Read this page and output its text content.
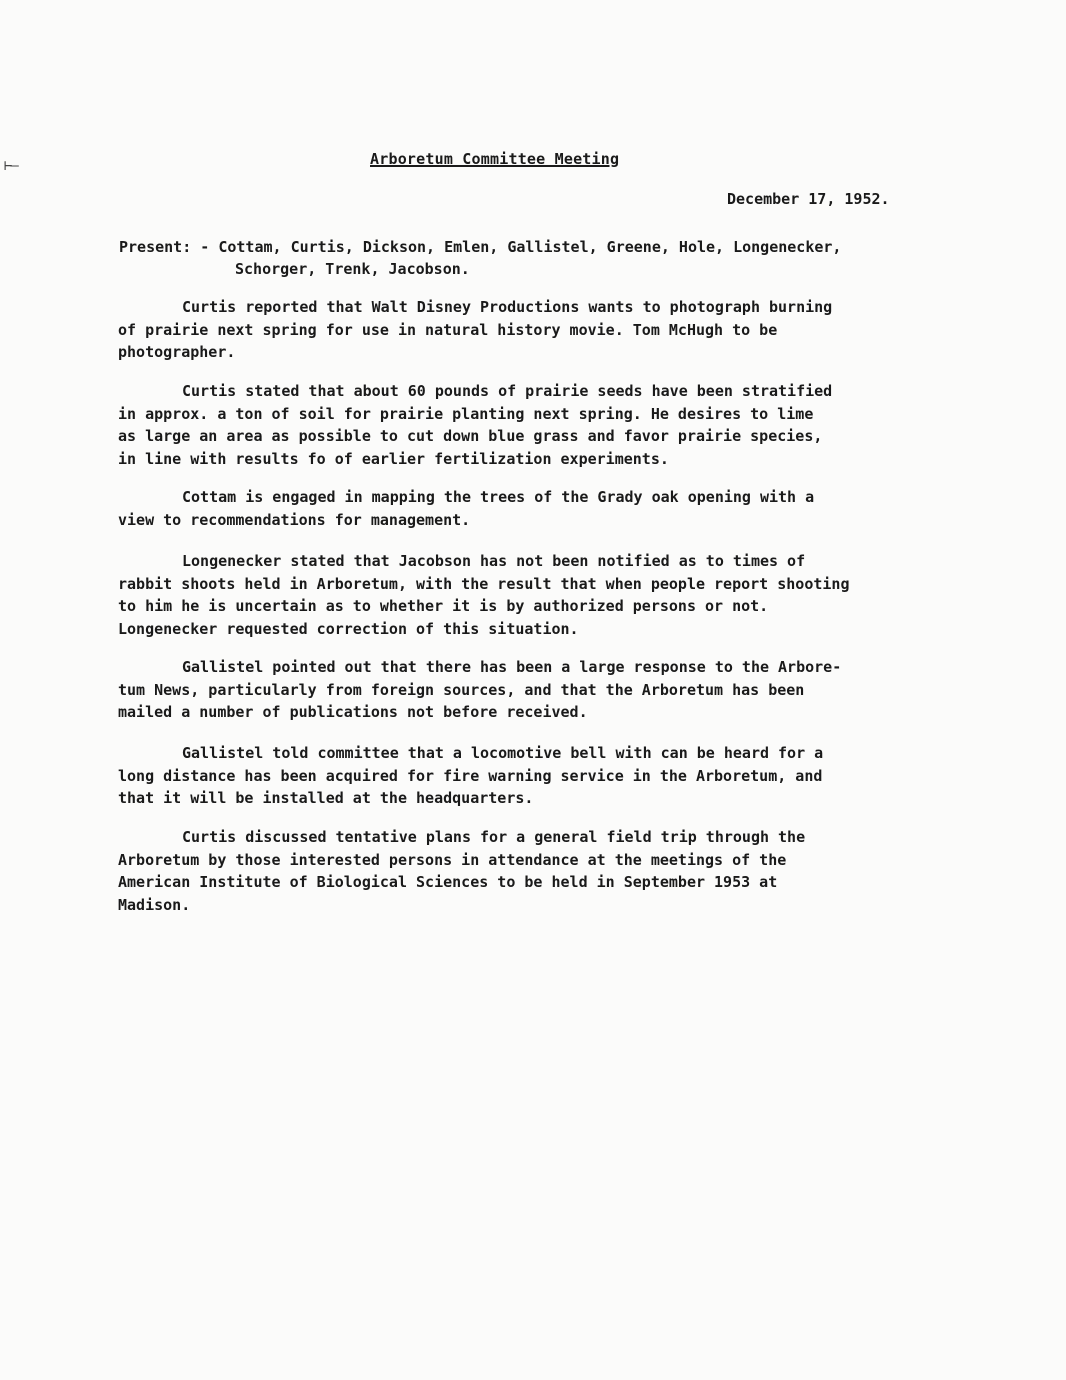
⊢–	Arboretum Committee Meeting
December 17, 1952.
Present: - Cottam, Curtis, Dickson, Emlen, Gallistel, Greene, Hole, Longenecker,
Schorger, Trenk, Jacobson.
Curtis reported that Walt Disney Productions wants to photograph burning
of prairie next spring for use in natural history movie. Tom McHugh to be
photographer.
Curtis stated that about 60 pounds of prairie seeds have been stratified
in approx. a ton of soil for prairie planting next spring. He desires to lime
as large an area as possible to cut down blue grass and favor prairie species,
in line with results fo of earlier fertilization experiments.
Cottam is engaged in mapping the trees of the Grady oak opening with a
view to recommendations for management.
Longenecker stated that Jacobson has not been notified as to times of
rabbit shoots held in Arboretum, with the result that when people report shooting
to him he is uncertain as to whether it is by authorized persons or not.
Longenecker requested correction of this situation.
Gallistel pointed out that there has been a large response to the Arbore-
tum News, particularly from foreign sources, and that the Arboretum has been
mailed a number of publications not before received.
Gallistel told committee that a locomotive bell with can be heard for a
long distance has been acquired for fire warning service in the Arboretum, and
that it will be installed at the headquarters.
Curtis discussed tentative plans for a general field trip through the
Arboretum by those interested persons in attendance at the meetings of the
American Institute of Biological Sciences to be held in September 1953 at
Madison.
